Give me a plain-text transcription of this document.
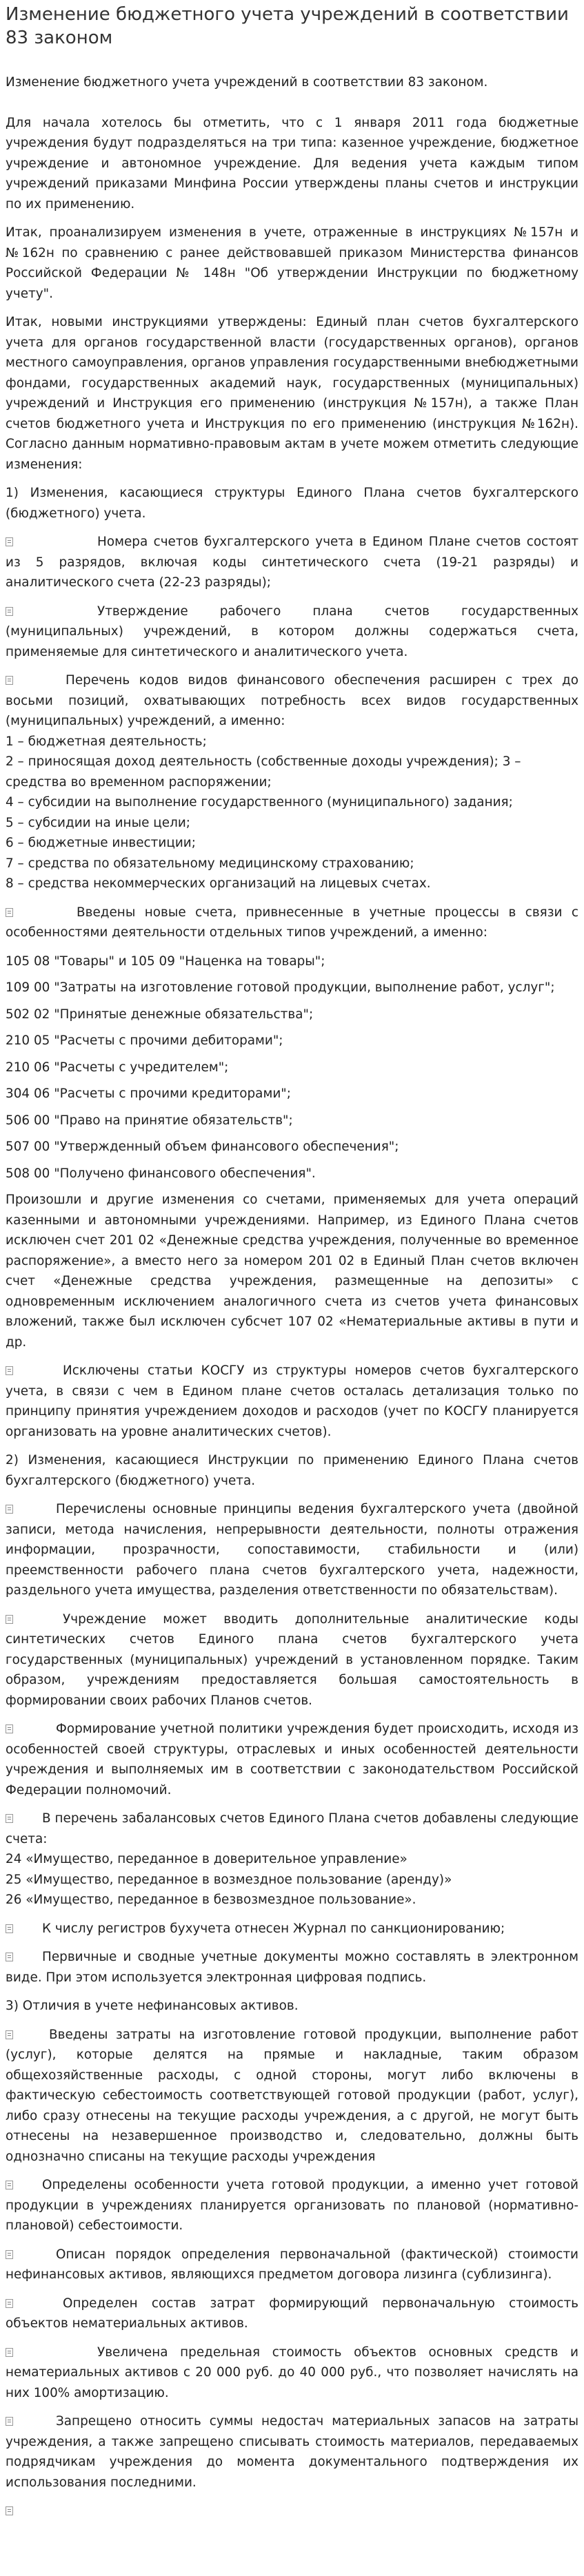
Изменение бюджетного учета учреждений в соответствии 83 законом

Изменение бюджетного учета учреждений в соответствии 83 законом.

Для начала хотелось бы отметить, что с 1 января 2011 года бюджетные учреждения будут подразделяться на три типа: казенное учреждение, бюджетное учреждение и автономное учреждение. Для ведения учета каждым типом учреждений приказами Минфина России утверждены планы счетов и инструкции по их применению.

Итак, проанализируем изменения в учете, отраженные в инструкциях №157н и №162н по сравнению с ранее действовавшей приказом Министерства финансов Российской Федерации № 148н "Об утверждении Инструкции по бюджетному учету".

Итак, новыми инструкциями утверждены: Единый план счетов бухгалтерского учета для органов государственной власти (государственных органов), органов местного самоуправления, органов управления государственными внебюджетными фондами, государственных академий наук, государственных (муниципальных) учреждений и Инструкция его применению (инструкция №157н), а также План счетов бюджетного учета и Инструкция по его применению (инструкция №162н). Согласно данным нормативно-правовым актам в учете можем отметить следующие изменения:

1) Изменения, касающиеся структуры Единого Плана счетов бухгалтерского (бюджетного) учета.

Номера счетов бухгалтерского учета в Едином Плане счетов состоят из 5 разрядов, включая коды синтетического счета (19-21 разряды) и аналитического счета (22-23 разряды);

Утверждение рабочего плана счетов государственных (муниципальных) учреждений, в котором должны содержаться счета, применяемые для синтетического и аналитического учета.

Перечень кодов видов финансового обеспечения расширен с трех до восьми позиций, охватывающих потребность всех видов государственных (муниципальных) учреждений, а именно:

1 – бюджетная деятельность;
2 – приносящая доход деятельность (собственные доходы учреждения); 3 – средства во временном распоряжении;
4 – субсидии на выполнение государственного (муниципального) задания;
5 – субсидии на иные цели;
6 – бюджетные инвестиции;
7 – средства по обязательному медицинскому страхованию;
8 – средства некоммерческих организаций на лицевых счетах.

Введены новые счета, привнесенные в учетные процессы в связи с особенностями деятельности отдельных типов учреждений, а именно:

105 08 "Товары" и 105 09 "Наценка на товары";

109 00 "Затраты на изготовление готовой продукции, выполнение работ, услуг";

502 02 "Принятые денежные обязательства";

210 05 "Расчеты с прочими дебиторами";

210 06 "Расчеты с учредителем";

304 06 "Расчеты с прочими кредиторами";

506 00 "Право на принятие обязательств";

507 00 "Утвержденный объем финансового обеспечения";

508 00 "Получено финансового обеспечения".

Произошли и другие изменения со счетами, применяемых для учета операций казенными и автономными учреждениями. Например, из Единого Плана счетов исключен счет 201 02 «Денежные средства учреждения, полученные во временное распоряжение», а вместо него за номером 201 02 в Единый План счетов включен счет «Денежные средства учреждения, размещенные на депозиты» с одновременным исключением аналогичного счета из счетов учета финансовых вложений, также был исключен субсчет 107 02 «Нематериальные активы в пути и др.

Исключены статьи КОСГУ из структуры номеров счетов бухгалтерского учета, в связи с чем в Едином плане счетов осталась детализация только по принципу принятия учреждением доходов и расходов (учет по КОСГУ планируется организовать на уровне аналитических счетов).

2) Изменения, касающиеся Инструкции по применению Единого Плана счетов бухгалтерского (бюджетного) учета.

Перечислены основные принципы ведения бухгалтерского учета (двойной записи, метода начисления, непрерывности деятельности, полноты отражения информации, прозрачности, сопоставимости, стабильности и (или) преемственности рабочего плана счетов бухгалтерского учета, надежности, раздельного учета имущества, разделения ответственности по обязательствам).

Учреждение может вводить дополнительные аналитические коды синтетических счетов Единого плана счетов бухгалтерского учета государственных (муниципальных) учреждений в установленном порядке. Таким образом, учреждениям предоставляется большая самостоятельность в формировании своих рабочих Планов счетов.

Формирование учетной политики учреждения будет происходить, исходя из особенностей своей структуры, отраслевых и иных особенностей деятельности учреждения и выполняемых им в соответствии с законодательством Российской Федерации полномочий.

В перечень забалансовых счетов Единого Плана счетов добавлены следующие счета:

24 «Имущество, переданное в доверительное управление»
25 «Имущество, переданное в возмездное пользование (аренду)»
26 «Имущество, переданное в безвозмездное пользование».

К числу регистров бухучета отнесен Журнал по санкционированию;

Первичные и сводные учетные документы можно составлять в электронном виде. При этом используется электронная цифровая подпись.

3) Отличия в учете нефинансовых активов.

Введены затраты на изготовление готовой продукции, выполнение работ (услуг), которые делятся на прямые и накладные, таким образом общехозяйственные расходы, с одной стороны, могут либо включены в фактическую себестоимость соответствующей готовой продукции (работ, услуг), либо сразу отнесены на текущие расходы учреждения, а с другой, не могут быть отнесены на незавершенное производство и, следовательно, должны быть однозначно списаны на текущие расходы учреждения

Определены особенности учета готовой продукции, а именно учет готовой продукции в учреждениях планируется организовать по плановой (нормативно-плановой) себестоимости.

Описан порядок определения первоначальной (фактической) стоимости нефинансовых активов, являющихся предметом договора лизинга (сублизинга).

Определен состав затрат формирующий первоначальную стоимость объектов нематериальных активов.

Увеличена предельная стоимость объектов основных средств и нематериальных активов с 20 000 руб. до 40 000 руб., что позволяет начислять на них 100% амортизацию.

Запрещено относить суммы недостач материальных запасов на затраты учреждения, а также запрещено списывать стоимость материалов, передаваемых подрядчикам учреждения до момента документального подтверждения их использования последними.
